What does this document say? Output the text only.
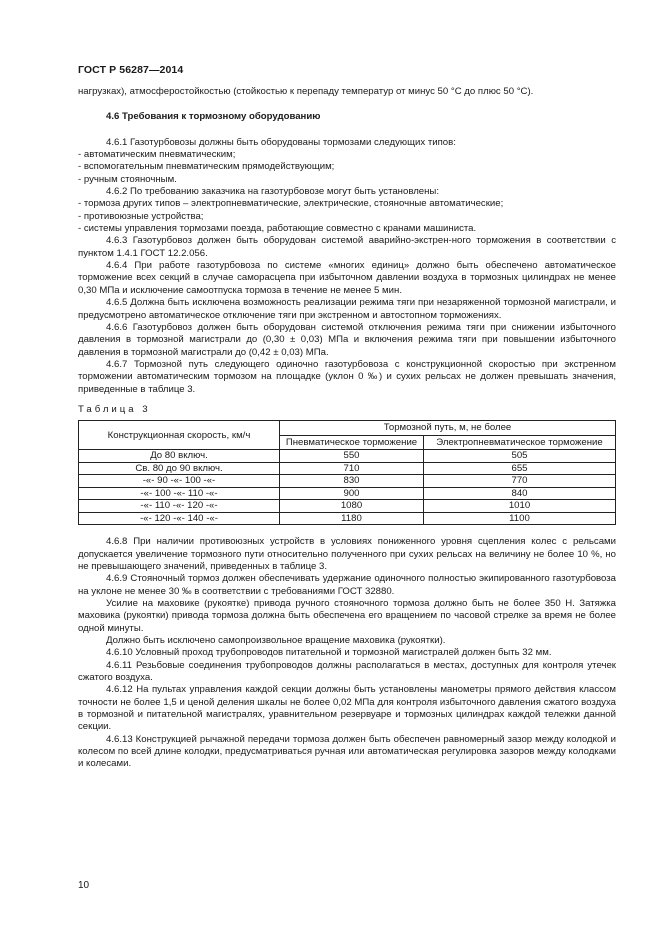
ГОСТ Р 56287—2014

нагрузках), атмосферостойкостью (стойкостью к перепаду температур от минус 50 °С до плюс 50 °С).

4.6 Требования к тормозному оборудованию

4.6.1 Газотурбовозы должны быть оборудованы тормозами следующих типов:

- автоматическим пневматическим;

- вспомогательным пневматическим прямодействующим;

- ручным стояночным.

4.6.2 По требованию заказчика на газотурбовозе могут быть установлены:

- тормоза других типов – электропневматические, электрические, стояночные автоматические;

- противоюзные устройства;

- системы управления тормозами поезда, работающие совместно с кранами машиниста.

4.6.3 Газотурбовоз должен быть оборудован системой аварийно-экстрен-ного торможения в соответствии с пунктом 1.4.1 ГОСТ 12.2.056.

4.6.4 При работе газотурбовоза по системе «многих единиц» должно быть обеспечено автоматическое торможение всех секций в случае саморасцепа при избыточном давлении воздуха в тормозных цилиндрах не менее 0,30 МПа и исключение самоотпуска тормоза в течение не менее 5 мин.

4.6.5 Должна быть исключена возможность реализации режима тяги при незаряженной тормозной магистрали, и предусмотрено автоматическое отключение тяги при экстренном и автостопном торможениях.

4.6.6 Газотурбовоз должен быть оборудован системой отключения режима тяги при снижении избыточного давления в тормозной магистрали до (0,30 ± 0,03) МПа и включения режима тяги при повышении избыточного давления в тормозной магистрали до (0,42 ± 0,03) МПа.

4.6.7 Тормозной путь следующего одиночно газотурбовоза с конструкционной скоростью при экстренном торможении автоматическим тормозом на площадке (уклон 0 ‰) и сухих рельсах не должен превышать значения, приведенные в таблице 3.

Таблица 3

Конструкционная скорость, км/ч	Тормозной путь, м, не более	
	Пневматическое торможение	Электропневматическое торможение
До 80 включ.	550	505
Св. 80 до 90 включ.	710	655
-«- 90 -«- 100 -«-	830	770
-«- 100 -«- 110 -«-	900	840
-«- 110 -«- 120 -«-	1080	1010
-«- 120 -«- 140 -«-	1180	1100

4.6.8 При наличии противоюзных устройств в условиях пониженного уровня сцепления колес с рельсами допускается увеличение тормозного пути относительно полученного при сухих рельсах на величину не более 10 %, но не превышающего значений, приведенных в таблице 3.

4.6.9 Стояночный тормоз должен обеспечивать удержание одиночного полностью экипированного газотурбовоза на уклоне не менее 30 ‰ в соответствии с требованиями ГОСТ 32880.

Усилие на маховике (рукоятке) привода ручного стояночного тормоза должно быть не более 350 Н. Затяжка маховика (рукоятки) привода тормоза должна быть обеспечена его вращением по часовой стрелке за время не более одной минуты.

Должно быть исключено самопроизвольное вращение маховика (рукоятки).

4.6.10 Условный проход трубопроводов питательной и тормозной магистралей должен быть 32 мм.

4.6.11 Резьбовые соединения трубопроводов должны располагаться в местах, доступных для контроля утечек сжатого воздуха.

4.6.12 На пультах управления каждой секции должны быть установлены манометры прямого действия классом точности не более 1,5 и ценой деления шкалы не более 0,02 МПа для контроля избыточного давления сжатого воздуха в тормозной и питательной магистралях, уравнительном резервуаре и тормозных цилиндрах каждой тележки данной секции.

4.6.13 Конструкцией рычажной передачи тормоза должен быть обеспечен равномерный зазор между колодкой и колесом по всей длине колодки, предусматриваться ручная или автоматическая регулировка зазоров между колодками и колесами.

10
